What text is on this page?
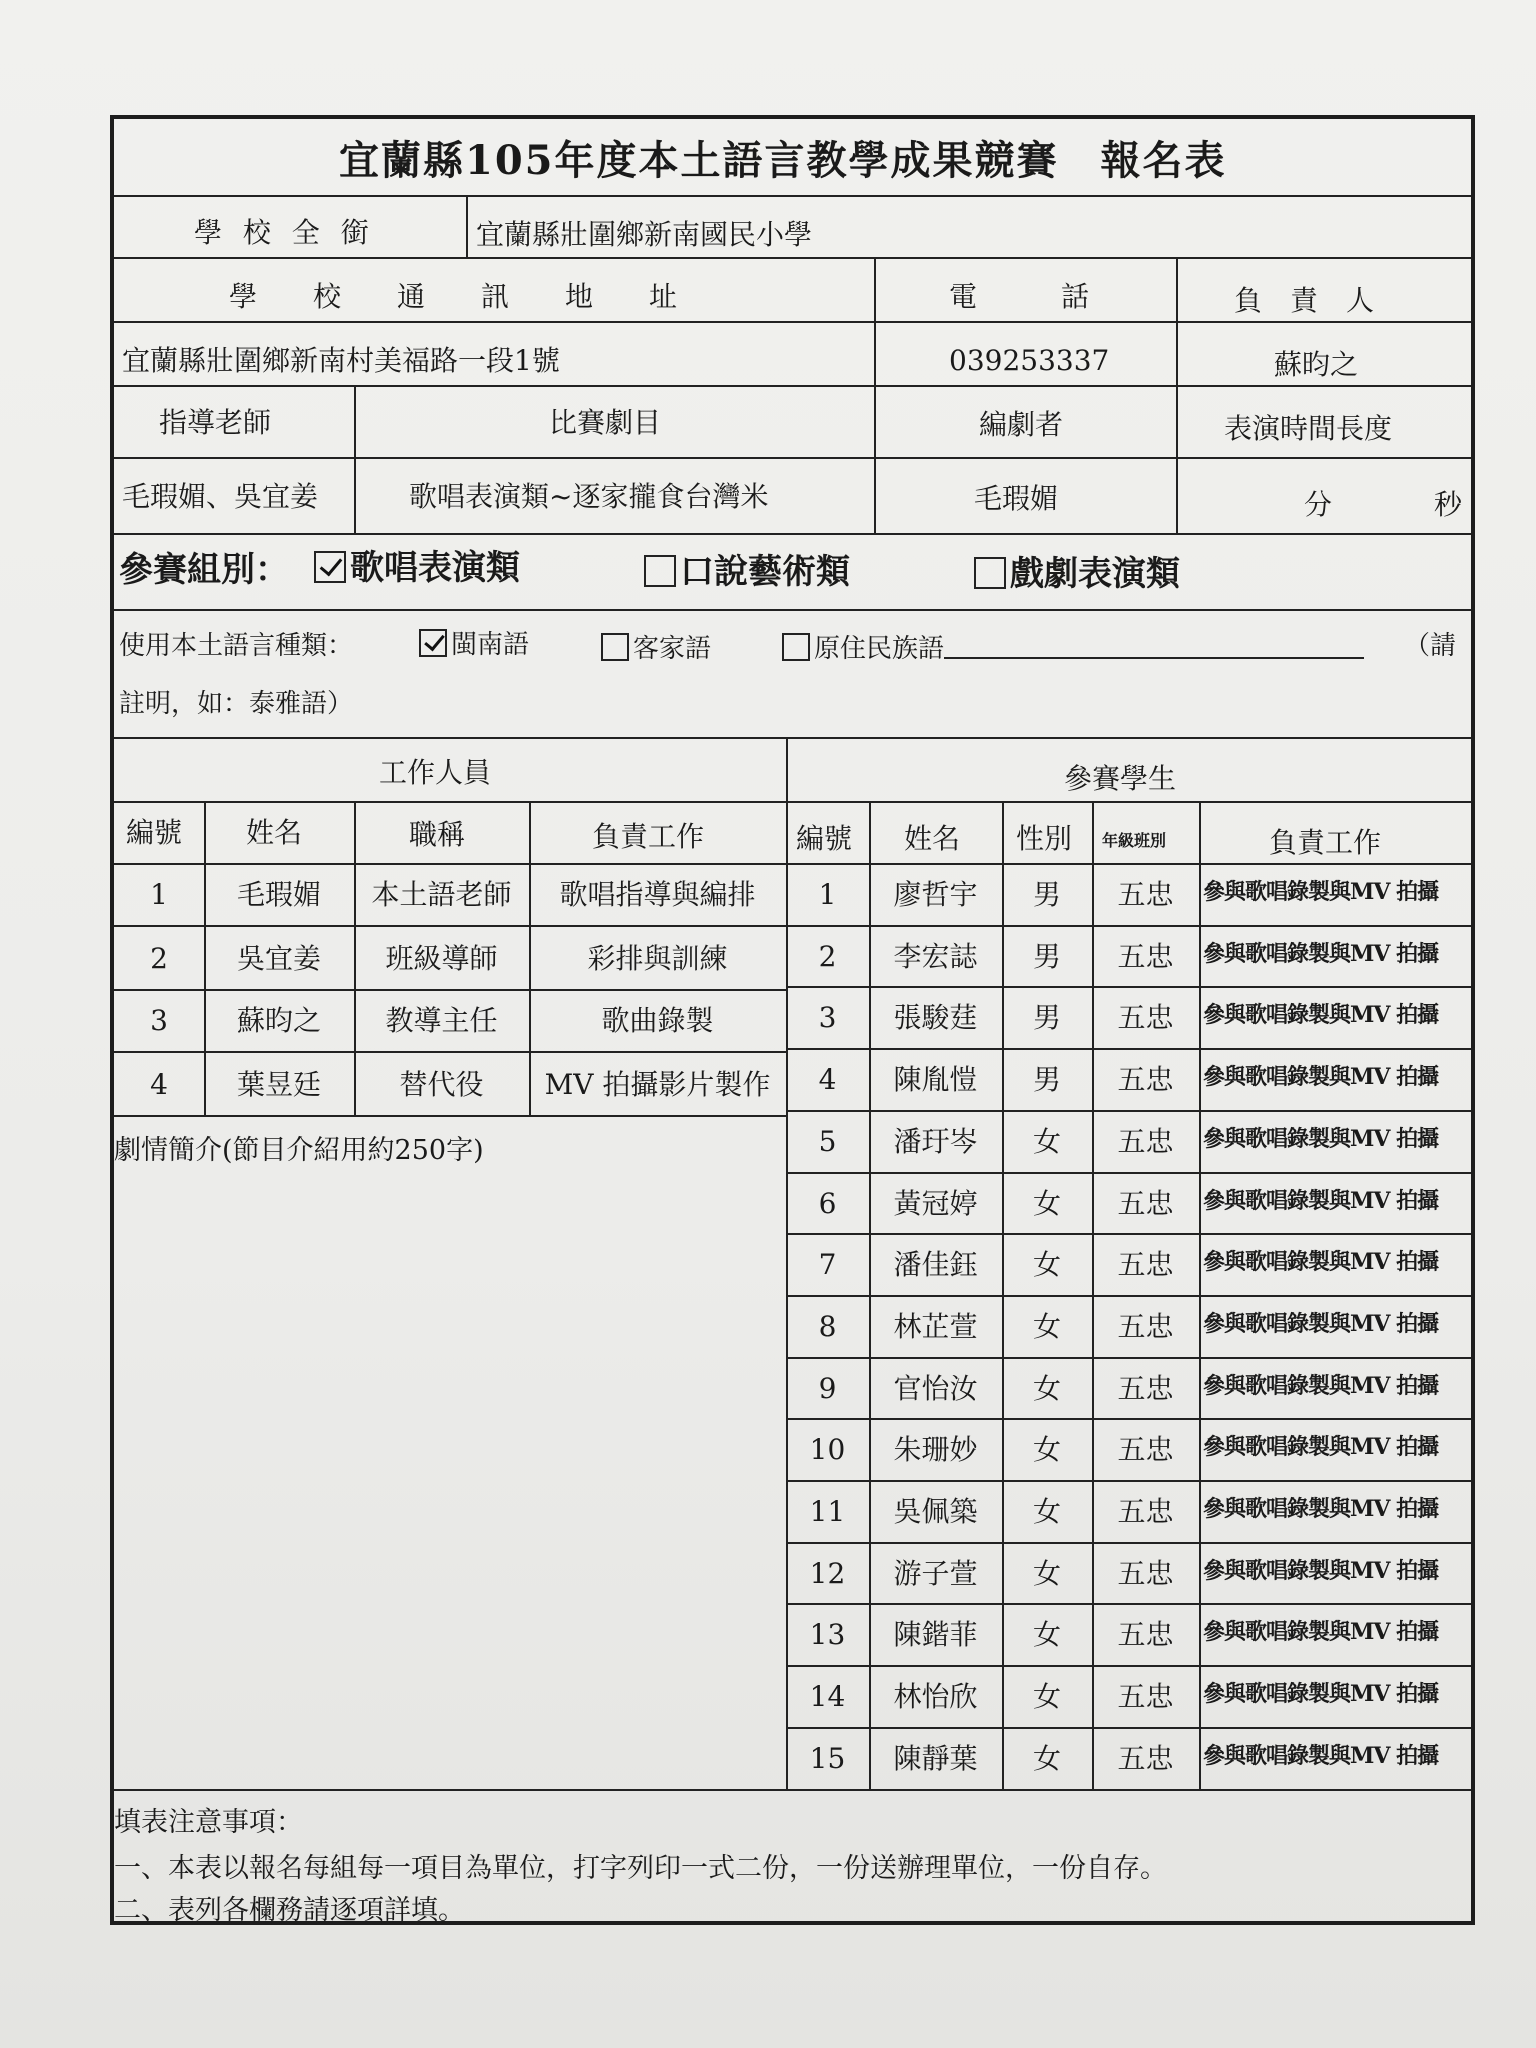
宜蘭縣105年度本土語言教學成果競賽　報名表
學 校 全 銜	宜蘭縣壯圍鄉新南國民小學
學　　校　　通　　訊　　地　　址	電　　　話	負　責　人
宜蘭縣壯圍鄉新南村美福路一段1號	039253337	蘇昀之
指導老師	比賽劇目	編劇者	表演時間長度
毛瑕媚、吳宜姜	歌唱表演類~逐家攏食台灣米	毛瑕媚	分	秒
參賽組別：	歌唱表演類	口說藝術類	戲劇表演類
使用本土語言種類：	閩南語	客家語	原住民族語	（請
註明，如：泰雅語）
工作人員	參賽學生
編號 姓名	職稱	負責工作
1	毛瑕媚	本土語老師	歌唱指導與編排
2	吳宜姜	班級導師	彩排與訓練
3	蘇昀之	教導主任	歌曲錄製
4	葉昱廷	替代役	MV 拍攝影片製作
劇情簡介(節目介紹用約250字)
編號 姓名 性別 年級班別	負責工作
1	廖哲宇	男	五忠	參與歌唱錄製與MV 拍攝
2	李宏誌	男	五忠	參與歌唱錄製與MV 拍攝
3	張駿莛	男	五忠	參與歌唱錄製與MV 拍攝
4	陳胤愷	男	五忠	參與歌唱錄製與MV 拍攝
5	潘玗岑	女	五忠	參與歌唱錄製與MV 拍攝
6	黃冠婷	女	五忠	參與歌唱錄製與MV 拍攝
7	潘佳鈺	女	五忠	參與歌唱錄製與MV 拍攝
8	林芷萱	女	五忠	參與歌唱錄製與MV 拍攝
9	官怡汝	女	五忠	參與歌唱錄製與MV 拍攝
10	朱珊妙	女	五忠	參與歌唱錄製與MV 拍攝
11	吳佩築	女	五忠	參與歌唱錄製與MV 拍攝
12	游子萱	女	五忠	參與歌唱錄製與MV 拍攝
13	陳鍇菲	女	五忠	參與歌唱錄製與MV 拍攝
14	林怡欣	女	五忠	參與歌唱錄製與MV 拍攝
15	陳靜葉	女	五忠	參與歌唱錄製與MV 拍攝
填表注意事項：
一、本表以報名每組每一項目為單位，打字列印一式二份，一份送辦理單位，一份自存。
二、表列各欄務請逐項詳填。
